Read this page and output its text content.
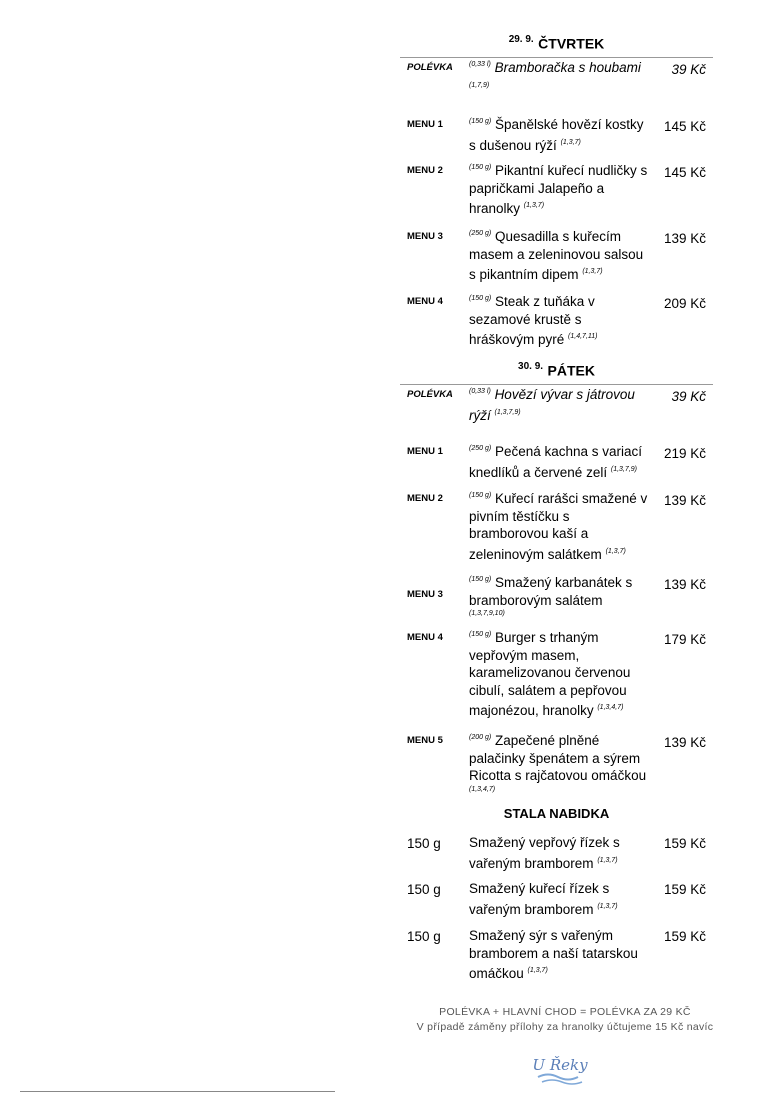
$^{29. 9.}$ ČTVRTEK
POLÉVKA $^{(0,33 l)}$ Bramboračka s houbami $^{(1,7,9)}$
39 Kč
MENU 1	$^{(150 g)}$ Španělské hovězí kostky s dušenou rýží $^{(1,3,7)}$
145 Kč
MENU 2	$^{(150 g)}$ Pikantní kuřecí nudličky s papričkami Jalapeño a hranolky $^{(1,3,7)}$
145 Kč
MENU 3	$^{(250 g)}$ Quesadilla s kuřecím masem a zeleninovou salsou s pikantním dipem $^{(1,3,7)}$
139 Kč
MENU 4	$^{(150 g)}$ Steak z tuňáka v sezamové krustě s hráškovým pyré $^{(1,4,7,11)}$
209 Kč
$^{30. 9.}$ PÁTEK
POLÉVKA $^{(0,33 l)}$ Hovězí vývar s játrovou rýží $^{(1,3,7,9)}$
39 Kč
MENU 1	$^{(250 g)}$ Pečená kachna s variací knedlíků a červené zelí $^{(1,3,7,9)}$
219 Kč
MENU 2	$^{(150 g)}$ Kuřecí rarášci smažené v pivním těstíčku s bramborovou kaší a zeleninovým salátkem $^{(1,3,7)}$
139 Kč
MENU 3
$^{(150 g)}$ Smažený karbanátek s bramborovým salátem
(1,3,7,9,10)
139 Kč
MENU 4	$^{(150 g)}$ Burger s trhaným vepřovým masem, karamelizovanou červenou cibulí, salátem a pepřovou majonézou, hranolky $^{(1,3,4,7)}$
179 Kč
MENU 5	$^{(200 g)}$ Zapečené plněné palačinky špenátem a sýrem Ricotta s rajčatovou omáčkou
(1,3,4,7)
139 Kč
STALA NABIDKA
150 g Smažený vepřový řízek s vařeným bramborem $^{(1,3,7)}$
159 Kč
150 g Smažený kuřecí řízek s vařeným bramborem $^{(1,3,7)}$
159 Kč
150 g Smažený sýr s vařeným bramborem a naší tatarskou omáčkou $^{(1,3,7)}$
159 Kč
POLÉVKA + HLAVNÍ CHOD = POLÉVKA ZA 29 KČ
V případě záměny přílohy za hranolky účtujeme 15 Kč navíc
U Řeky
